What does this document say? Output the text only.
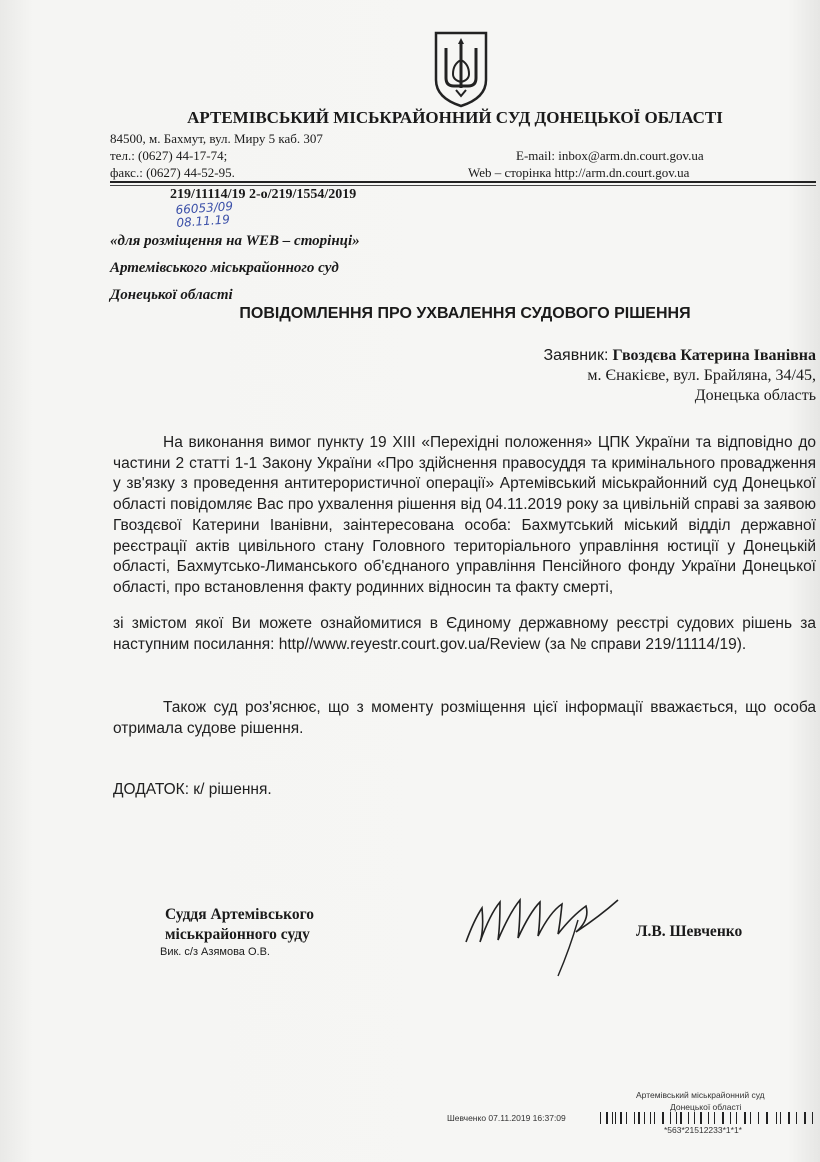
АРТЕМІВСЬКИЙ МІСЬКРАЙОННИЙ СУД ДОНЕЦЬКОЇ ОБЛАСТІ
84500, м. Бахмут, вул. Миру 5 каб. 307
тел.: (0627) 44-17-74;
факс.: (0627) 44-52-95.
E-mail: inbox@arm.dn.court.gov.ua
Web – сторінка http://arm.dn.court.gov.ua
219/11114/19 2-о/219/1554/2019
66053/09
08.11.19
«для розміщення на WEB – сторінці»
Артемівського міськрайонного суд
Донецької області
ПОВІДОМЛЕННЯ ПРО УХВАЛЕННЯ СУДОВОГО РІШЕННЯ
Заявник: Гвоздєва Катерина Іванівна
м. Єнакієве, вул. Брайляна, 34/45,
Донецька область
На виконання вимог пункту 19 XIII «Перехідні положення» ЦПК України та відповідно до частини 2 статті 1-1 Закону України «Про здійснення правосуддя та кримінального провадження у зв'язку з проведення антитерористичної операції» Артемівський міськрайонний суд Донецької області повідомляє Вас про ухвалення рішення від 04.11.2019 року за цивільній справі за заявою Гвоздєвої Катерини Іванівни, заінтересована особа: Бахмутський міський відділ державної реєстрації актів цивільного стану Головного територіального управління юстиції у Донецькій області, Бахмутсько-Лиманського об'єднаного управління Пенсійного фонду України Донецької області, про встановлення факту родинних відносин та факту смерті,
зі змістом якої Ви можете ознайомитися в Єдиному державному реєстрі судових рішень за наступним посилання: http//www.reyestr.court.gov.ua/Review (за № справи 219/11114/19).
Також суд роз'яснює, що з моменту розміщення цієї інформації вважається, що особа отримала судове рішення.
ДОДАТОК: к/ рішення.
Суддя Артемівського
міськрайонного суду
Вик. с/з Азямова О.В.
Л.В. Шевченко
Артемівський міськрайонний суд
Донецької області
Шевченко 07.11.2019 16:37:09
*563*21512233*1*1*
